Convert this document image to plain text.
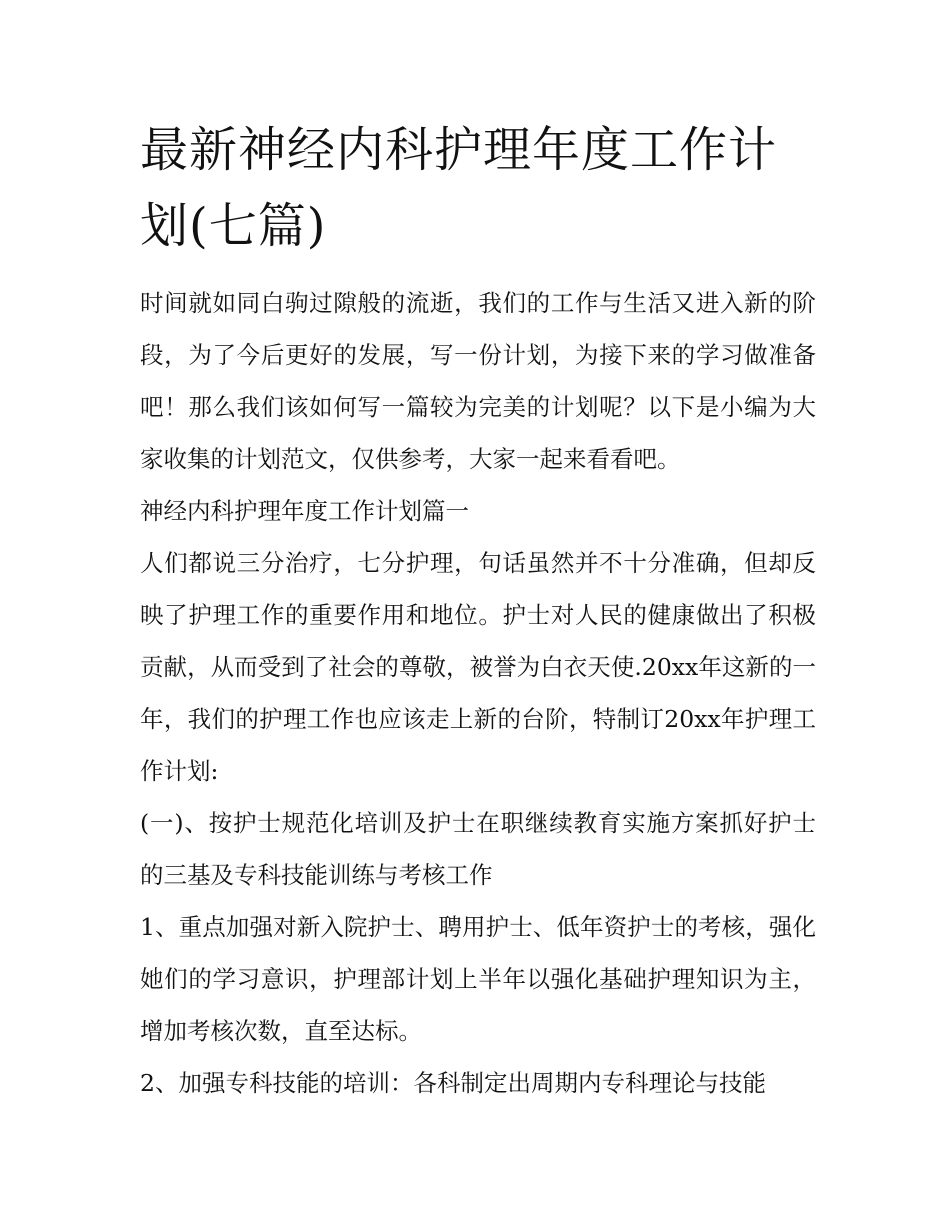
最新神经内科护理年度工作计划(七篇)

时间就如同白驹过隙般的流逝，我们的工作与生活又进入新的阶段，为了今后更好的发展，写一份计划，为接下来的学习做准备吧！那么我们该如何写一篇较为完美的计划呢？以下是小编为大家收集的计划范文，仅供参考，大家一起来看看吧。

神经内科护理年度工作计划篇一

人们都说三分治疗，七分护理，句话虽然并不十分准确，但却反映了护理工作的重要作用和地位。护士对人民的健康做出了积极贡献，从而受到了社会的尊敬，被誉为白衣天使.20xx年这新的一年，我们的护理工作也应该走上新的台阶，特制订20xx年护理工作计划:

(一)、按护士规范化培训及护士在职继续教育实施方案抓好护士的三基及专科技能训练与考核工作

1、重点加强对新入院护士、聘用护士、低年资护士的考核，强化她们的学习意识，护理部计划上半年以强化基础护理知识为主，增加考核次数，直至达标。

2、加强专科技能的培训：各科制定出周期内专科理论与技能
